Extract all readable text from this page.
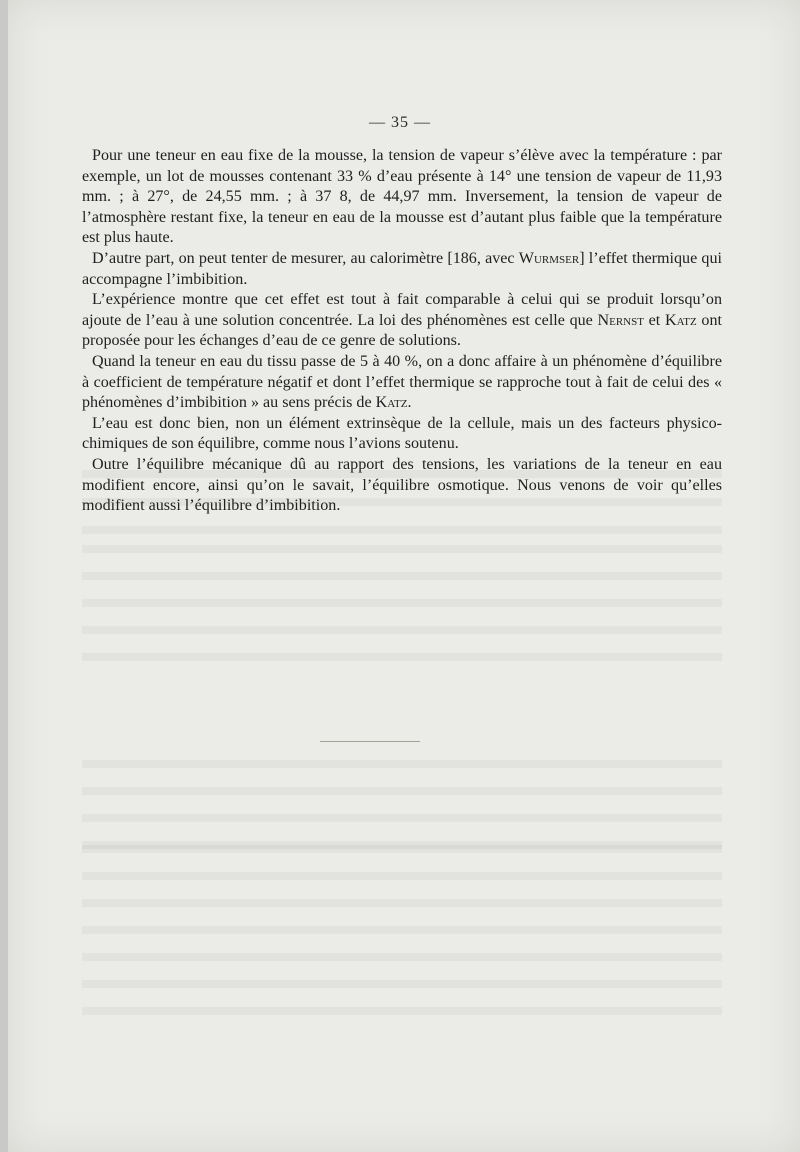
— 35 —

Pour une teneur en eau fixe de la mousse, la tension de vapeur s’élève avec la température : par exemple, un lot de mousses contenant 33 % d’eau présente à 14° une tension de vapeur de 11,93 mm. ; à 27°, de 24,55 mm. ; à 37 8, de 44,97 mm. Inversement, la tension de vapeur de l’atmosphère restant fixe, la teneur en eau de la mousse est d’autant plus faible que la température est plus haute.

D’autre part, on peut tenter de mesurer, au calorimètre [186, avec Wurmser] l’effet thermique qui accompagne l’imbibition.

L’expérience montre que cet effet est tout à fait comparable à celui qui se produit lorsqu’on ajoute de l’eau à une solution concentrée. La loi des phénomènes est celle que Nernst et Katz ont proposée pour les échanges d’eau de ce genre de solutions.

Quand la teneur en eau du tissu passe de 5 à 40 %, on a donc affaire à un phénomène d’équilibre à coefficient de température négatif et dont l’effet thermique se rapproche tout à fait de celui des « phénomènes d’imbibition » au sens précis de Katz.

L’eau est donc bien, non un élément extrinsèque de la cellule, mais un des facteurs physico-chimiques de son équilibre, comme nous l’avions soutenu.

Outre l’équilibre mécanique dû au rapport des tensions, les variations de la teneur en eau modifient encore, ainsi qu’on le savait, l’équilibre osmotique. Nous venons de voir qu’elles modifient aussi l’équilibre d’imbibition.
